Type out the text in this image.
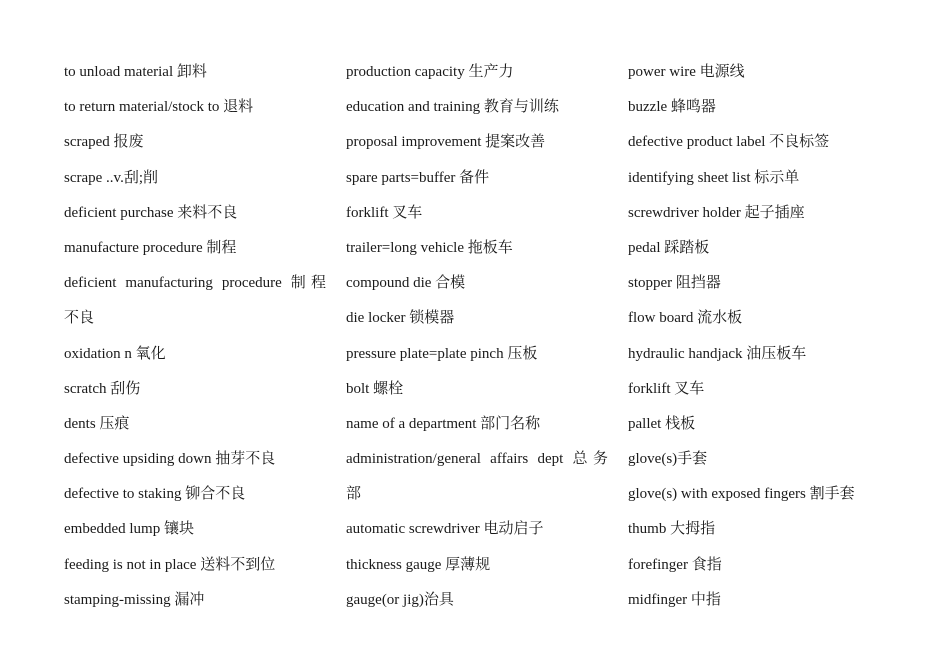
to unload material 卸料
to return material/stock to 退料
scraped 报废
scrape ..v.刮;削
deficient purchase 来料不良
manufacture procedure 制程
deficient manufacturing procedure 制程
不良
oxidation n 氧化
scratch 刮伤
dents 压痕
defective upsiding down 抽芽不良
defective to staking 铆合不良
embedded lump 镶块
feeding is not in place 送料不到位
stamping-missing 漏冲
production capacity 生产力
education and training 教育与训练
proposal improvement 提案改善
spare parts=buffer 备件
forklift 叉车
trailer=long vehicle 拖板车
compound die 合模
die locker 锁模器
pressure plate=plate pinch 压板
bolt 螺栓
name of a department 部门名称
administration/general affairs dept 总务
部
automatic screwdriver 电动启子
thickness gauge 厚薄规
gauge(or jig)治具
power wire 电源线
buzzle 蜂鸣器
defective product label 不良标签
identifying sheet list 标示单
screwdriver holder 起子插座
pedal 踩踏板
stopper 阻挡器
flow board 流水板
hydraulic handjack 油压板车
forklift 叉车
pallet 栈板
glove(s)手套
glove(s) with exposed fingers 割手套
thumb 大拇指
forefinger 食指
midfinger 中指
